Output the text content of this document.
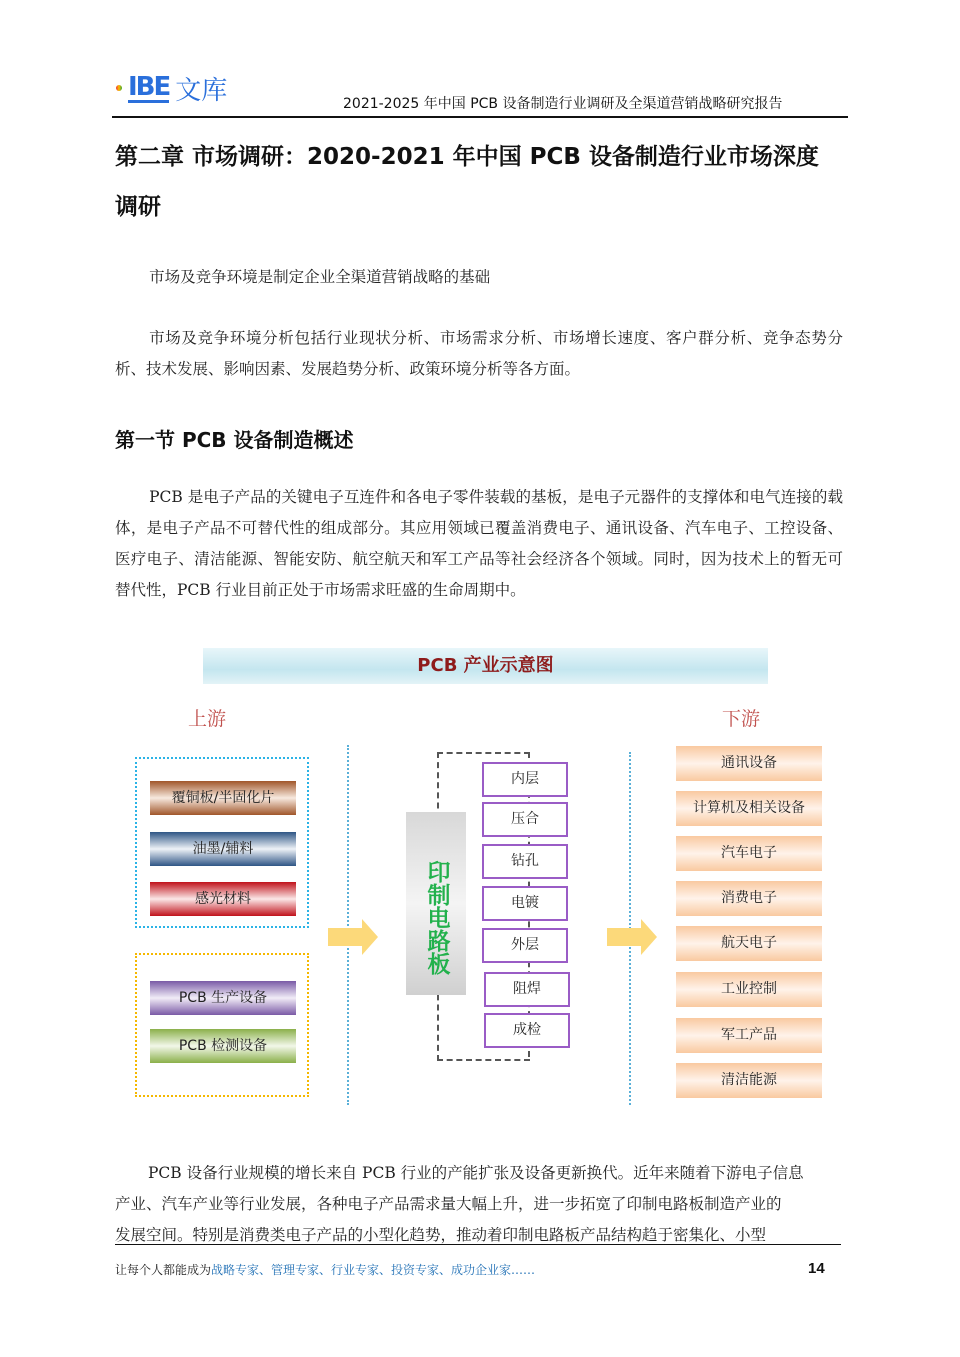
IBE 文库	2021-2025 年中国 PCB 设备制造行业调研及全渠道营销战略研究报告
第二章 市场调研：2020-2021 年中国 PCB 设备制造行业市场深度调研
市场及竞争环境是制定企业全渠道营销战略的基础
市场及竞争环境分析包括行业现状分析、市场需求分析、市场增长速度、客户群分析、竞争态势分析、技术发展、影响因素、发展趋势分析、政策环境分析等各方面。
第一节 PCB 设备制造概述
PCB 是电子产品的关键电子互连件和各电子零件装载的基板，是电子元器件的支撑体和电气连接的载体，是电子产品不可替代性的组成部分。其应用领域已覆盖消费电子、通讯设备、汽车电子、工控设备、医疗电子、清洁能源、智能安防、航空航天和军工产品等社会经济各个领域。同时，因为技术上的暂无可替代性，PCB 行业目前正处于市场需求旺盛的生命周期中。
PCB 产业示意图
上游	下游
覆铜板/半固化片
油墨/辅料
感光材料
PCB 生产设备
PCB 检测设备
印制电路板
内层
压合
钻孔
电镀
外层
阻焊
成检
通讯设备
计算机及相关设备
汽车电子
消费电子
航天电子
工业控制
军工产品
清洁能源
PCB 设备行业规模的增长来自 PCB 行业的产能扩张及设备更新换代。近年来随着下游电子信息
产业、汽车产业等行业发展，各种电子产品需求量大幅上升，进一步拓宽了印制电路板制造产业的
发展空间。特别是消费类电子产品的小型化趋势，推动着印制电路板产品结构趋于密集化、小型
让每个人都能成为战略专家、管理专家、行业专家、投资专家、成功企业家……	14
